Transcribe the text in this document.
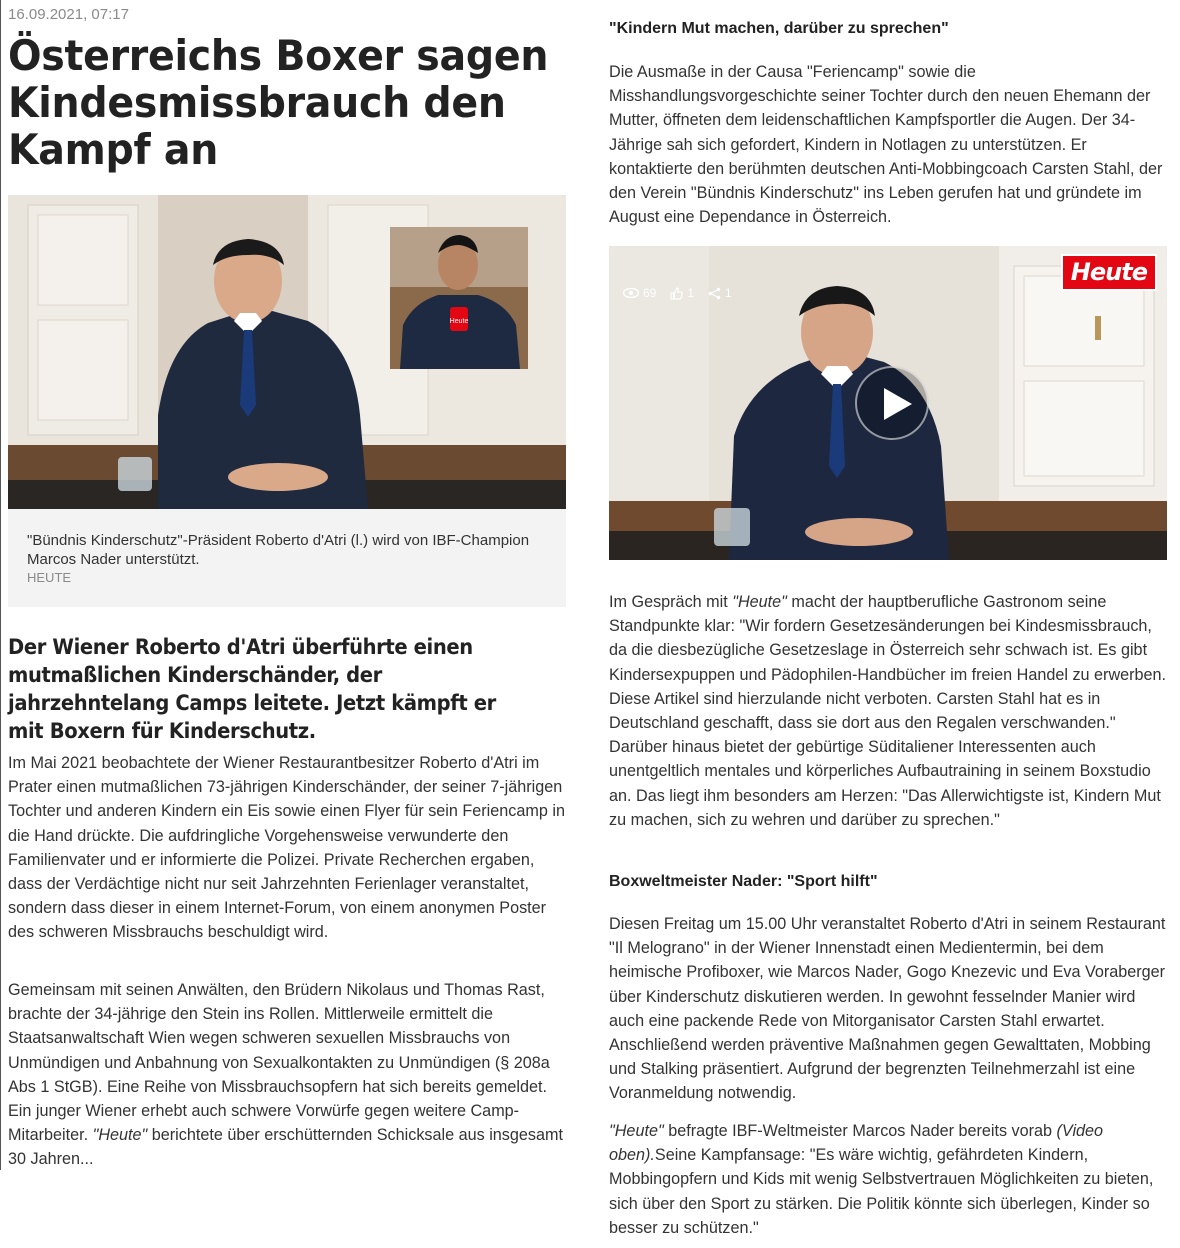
16.09.2021, 07:17
Österreichs Boxer sagen Kindesmissbrauch den Kampf an
Heute
"Bündnis Kinderschutz"-Präsident Roberto d'Atri (l.) wird von IBF-Champion Marcos Nader unterstützt.
HEUTE
Der Wiener Roberto d'Atri überführte einen mutmaßlichen Kinderschänder, der jahrzehntelang Camps leitete. Jetzt kämpft er mit Boxern für Kinderschutz.

Im Mai 2021 beobachtete der Wiener Restaurantbesitzer Roberto d'Atri im Prater einen mutmaßlichen 73-jährigen Kinderschänder, der seiner 7-jährigen Tochter und anderen Kindern ein Eis sowie einen Flyer für sein Feriencamp in die Hand drückte. Die aufdringliche Vorgehensweise verwunderte den Familienvater und er informierte die Polizei. Private Recherchen ergaben, dass der Verdächtige nicht nur seit Jahrzehnten Ferienlager veranstaltet, sondern dass dieser in einem Internet-Forum, von einem anonymen Poster des schweren Missbrauchs beschuldigt wird.

Gemeinsam mit seinen Anwälten, den Brüdern Nikolaus und Thomas Rast, brachte der 34-jährige den Stein ins Rollen. Mittlerweile ermittelt die Staatsanwaltschaft Wien wegen schweren sexuellen Missbrauchs von Unmündigen und Anbahnung von Sexualkontakten zu Unmündigen (§ 208a Abs 1 StGB). Eine Reihe von Missbrauchsopfern hat sich bereits gemeldet. Ein junger Wiener erhebt auch schwere Vorwürfe gegen weitere Camp-Mitarbeiter. "Heute" berichtete über erschütternden Schicksale aus insgesamt 30 Jahren...

"Kindern Mut machen, darüber zu sprechen"

Die Ausmaße in der Causa "Feriencamp" sowie die Misshandlungsvorgeschichte seiner Tochter durch den neuen Ehemann der Mutter, öffneten dem leidenschaftlichen Kampfsportler die Augen. Der 34-Jährige sah sich gefordert, Kindern in Notlagen zu unterstützen. Er kontaktierte den berühmten deutschen Anti-Mobbingcoach Carsten Stahl, der den Verein "Bündnis Kinderschutz" ins Leben gerufen hat und gründete im August eine Dependance in Österreich.

Heute
69	1	1

Im Gespräch mit "Heute" macht der hauptberufliche Gastronom seine Standpunkte klar: "Wir fordern Gesetzesänderungen bei Kindesmissbrauch, da die diesbezügliche Gesetzeslage in Österreich sehr schwach ist. Es gibt Kindersexpuppen und Pädophilen-Handbücher im freien Handel zu erwerben. Diese Artikel sind hierzulande nicht verboten. Carsten Stahl hat es in Deutschland geschafft, dass sie dort aus den Regalen verschwanden." Darüber hinaus bietet der gebürtige Süditaliener Interessenten auch unentgeltlich mentales und körperliches Aufbautraining in seinem Boxstudio an. Das liegt ihm besonders am Herzen: "Das Allerwichtigste ist, Kindern Mut zu machen, sich zu wehren und darüber zu sprechen."

Boxweltmeister Nader: "Sport hilft"

Diesen Freitag um 15.00 Uhr veranstaltet Roberto d'Atri in seinem Restaurant "Il Melograno" in der Wiener Innenstadt einen Medientermin, bei dem heimische Profiboxer, wie Marcos Nader, Gogo Knezevic und Eva Voraberger über Kinderschutz diskutieren werden. In gewohnt fesselnder Manier wird auch eine packende Rede von Mitorganisator Carsten Stahl erwartet. Anschließend werden präventive Maßnahmen gegen Gewalttaten, Mobbing und Stalking präsentiert. Aufgrund der begrenzten Teilnehmerzahl ist eine Voranmeldung notwendig.

"Heute" befragte IBF-Weltmeister Marcos Nader bereits vorab (Video oben).Seine Kampfansage: "Es wäre wichtig, gefährdeten Kindern, Mobbingopfern und Kids mit wenig Selbstvertrauen Möglichkeiten zu bieten, sich über den Sport zu stärken. Die Politik könnte sich überlegen, Kinder so besser zu schützen."
